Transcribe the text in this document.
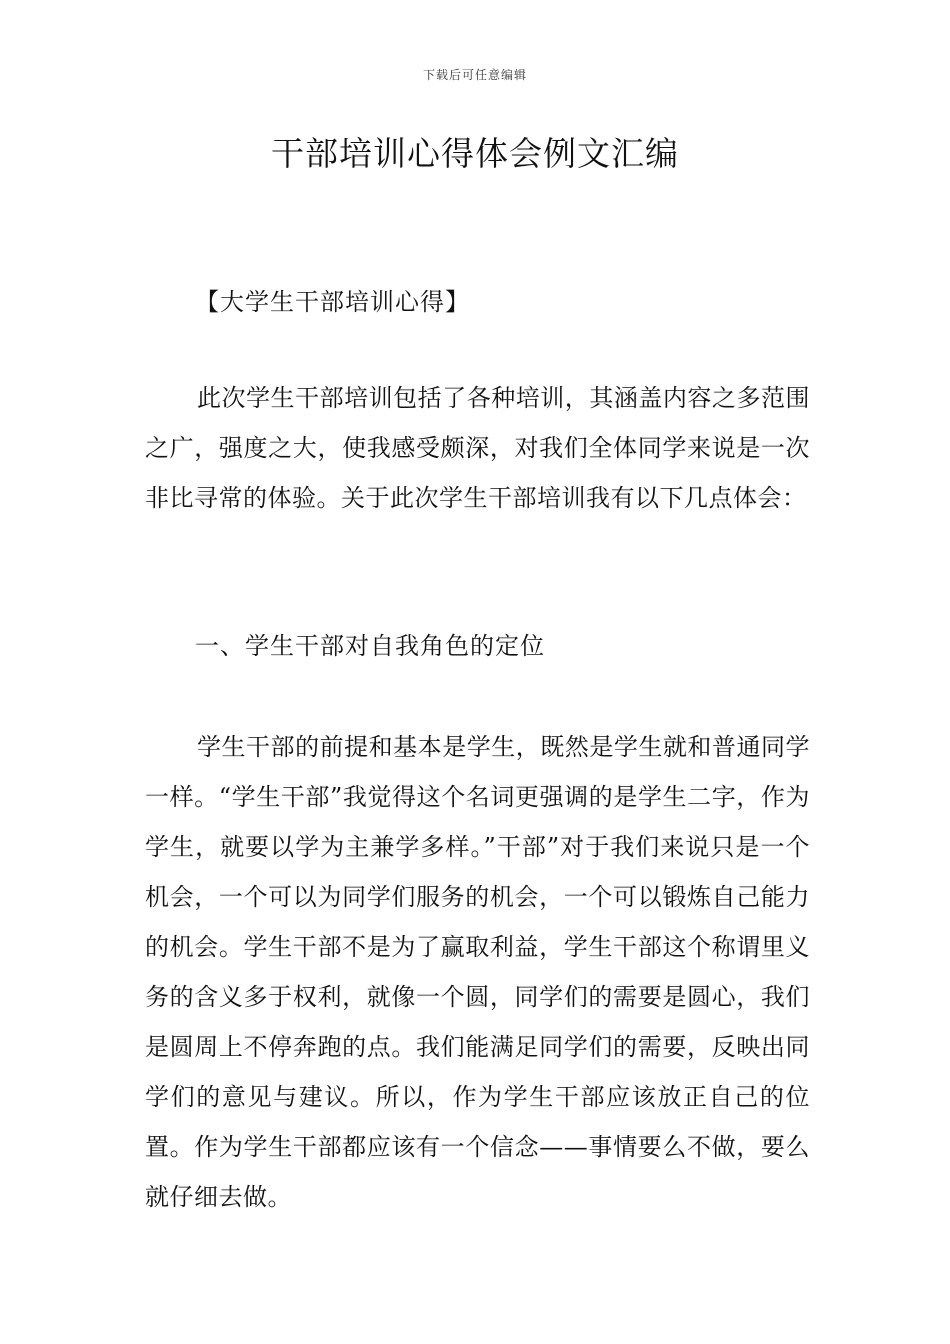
下载后可任意编辑
干部培训心得体会例文汇编
【大学生干部培训心得】

此次学生干部培训包括了各种培训，其涵盖内容之多范围之广，强度之大，使我感受颇深，对我们全体同学来说是一次非比寻常的体验。关于此次学生干部培训我有以下几点体会：

一、学生干部对自我角色的定位

学生干部的前提和基本是学生，既然是学生就和普通同学一样。“学生干部”我觉得这个名词更强调的是学生二字，作为学生，就要以学为主兼学多样。”干部”对于我们来说只是一个机会，一个可以为同学们服务的机会，一个可以锻炼自己能力的机会。学生干部不是为了赢取利益，学生干部这个称谓里义务的含义多于权利，就像一个圆，同学们的需要是圆心，我们是圆周上不停奔跑的点。我们能满足同学们的需要，反映出同学们的意见与建议。所以，作为学生干部应该放正自己的位置。作为学生干部都应该有一个信念——事情要么不做，要么就仔细去做。
